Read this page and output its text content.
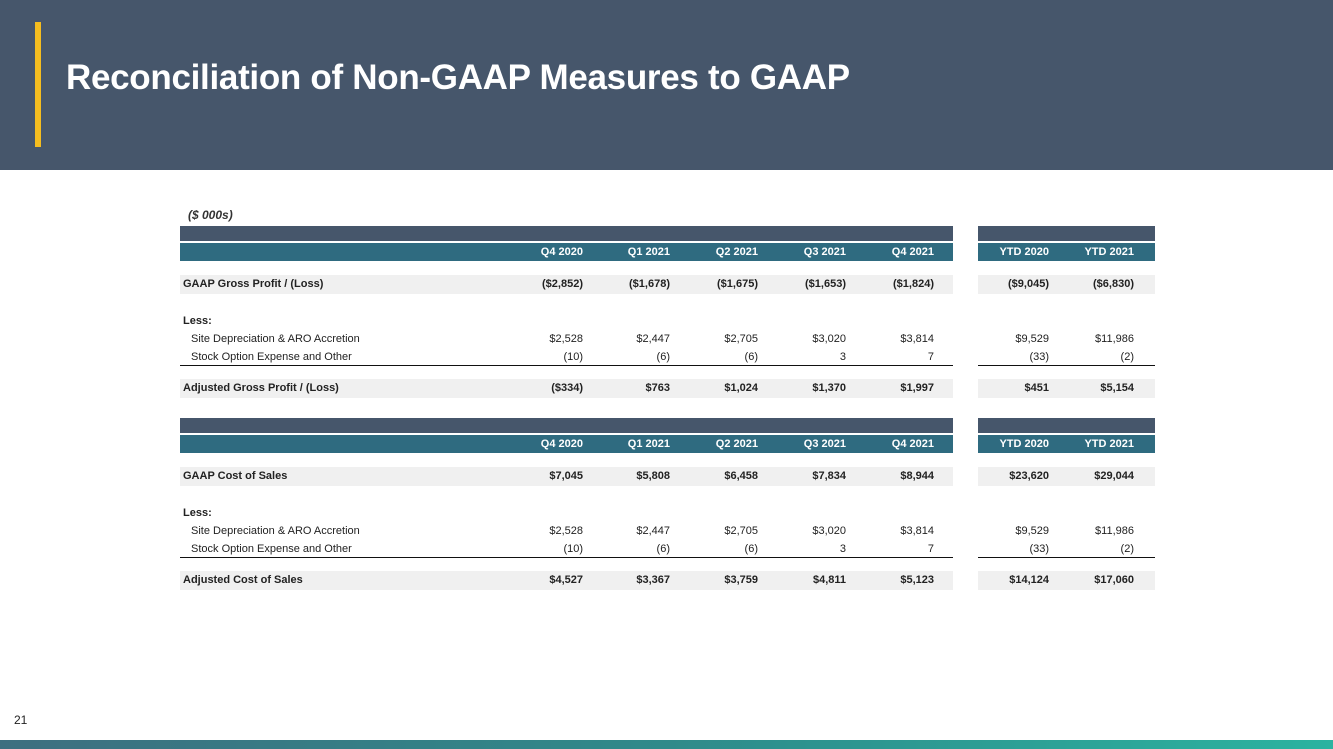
Reconciliation of Non-GAAP Measures to GAAP
($ 000s)
Q4 2020	Q1 2021	Q2 2021	Q3 2021	Q4 2021	YTD 2020	YTD 2021
GAAP Gross Profit / (Loss)	($2,852)	($1,678)	($1,675)	($1,653)	($1,824)	($9,045)	($6,830)
Less:
Site Depreciation & ARO Accretion	$2,528	$2,447	$2,705	$3,020	$3,814	$9,529	$11,986
Stock Option Expense and Other	(10)	(6)	(6)	3	7	(33)	(2)
Adjusted Gross Profit / (Loss)	($334)	$763	$1,024	$1,370	$1,997	$451	$5,154
Q4 2020	Q1 2021	Q2 2021	Q3 2021	Q4 2021	YTD 2020	YTD 2021
GAAP Cost of Sales	$7,045	$5,808	$6,458	$7,834	$8,944	$23,620	$29,044
Less:
Site Depreciation & ARO Accretion	$2,528	$2,447	$2,705	$3,020	$3,814	$9,529	$11,986
Stock Option Expense and Other	(10)	(6)	(6)	3	7	(33)	(2)
Adjusted Cost of Sales	$4,527	$3,367	$3,759	$4,811	$5,123	$14,124	$17,060
21
